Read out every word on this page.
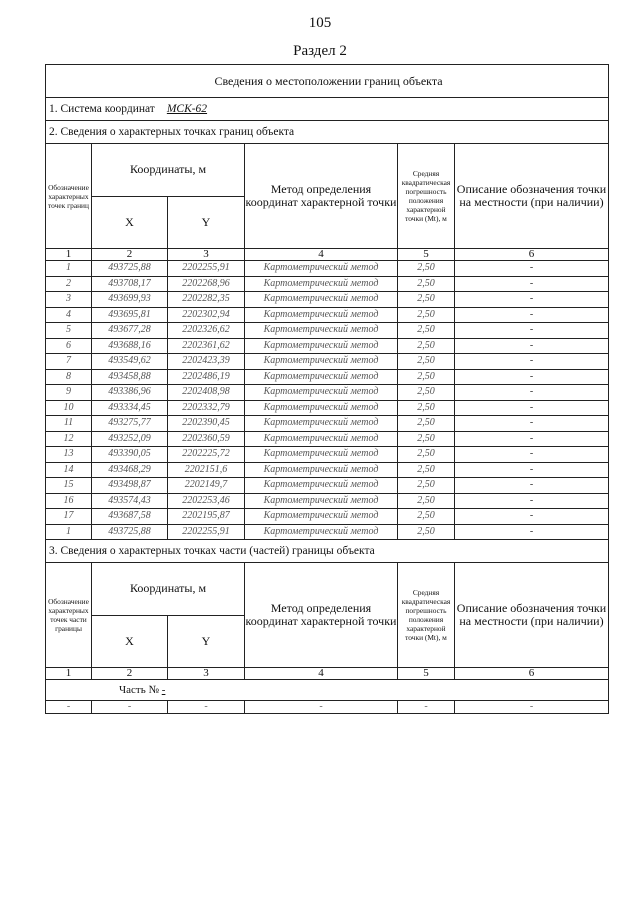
105
Раздел 2
Сведения о местоположении границ объекта					
1. Система координат МСК-62					
2. Сведения о характерных точках границ объекта					
Обозначение характерных точек границ	Координаты, м		Метод определения координат характерной точки	Средняя квадратическая погрешность положения характерной точки (Mt), м	Описание обозначения точки на местности (при наличии)
	X	Y			
1	2	3	4	5	6
1	493725,88	2202255,91	Картометрический метод	2,50	-
2	493708,17	2202268,96	Картометрический метод	2,50	-
3	493699,93	2202282,35	Картометрический метод	2,50	-
4	493695,81	2202302,94	Картометрический метод	2,50	-
5	493677,28	2202326,62	Картометрический метод	2,50	-
6	493688,16	2202361,62	Картометрический метод	2,50	-
7	493549,62	2202423,39	Картометрический метод	2,50	-
8	493458,88	2202486,19	Картометрический метод	2,50	-
9	493386,96	2202408,98	Картометрический метод	2,50	-
10	493334,45	2202332,79	Картометрический метод	2,50	-
11	493275,77	2202390,45	Картометрический метод	2,50	-
12	493252,09	2202360,59	Картометрический метод	2,50	-
13	493390,05	2202225,72	Картометрический метод	2,50	-
14	493468,29	2202151,6	Картометрический метод	2,50	-
15	493498,87	2202149,7	Картометрический метод	2,50	-
16	493574,43	2202253,46	Картометрический метод	2,50	-
17	493687,58	2202195,87	Картометрический метод	2,50	-
1	493725,88	2202255,91	Картометрический метод	2,50	-
3. Сведения о характерных точках части (частей) границы объекта					
Обозначение характерных точек части границы	Координаты, м		Метод определения координат характерной точки	Средняя квадратическая погрешность положения характерной точки (Mt), м	Описание обозначения точки на местности (при наличии)
	X	Y			
1	2	3	4	5	6
Часть № -					
-	-	-	-	-	-
